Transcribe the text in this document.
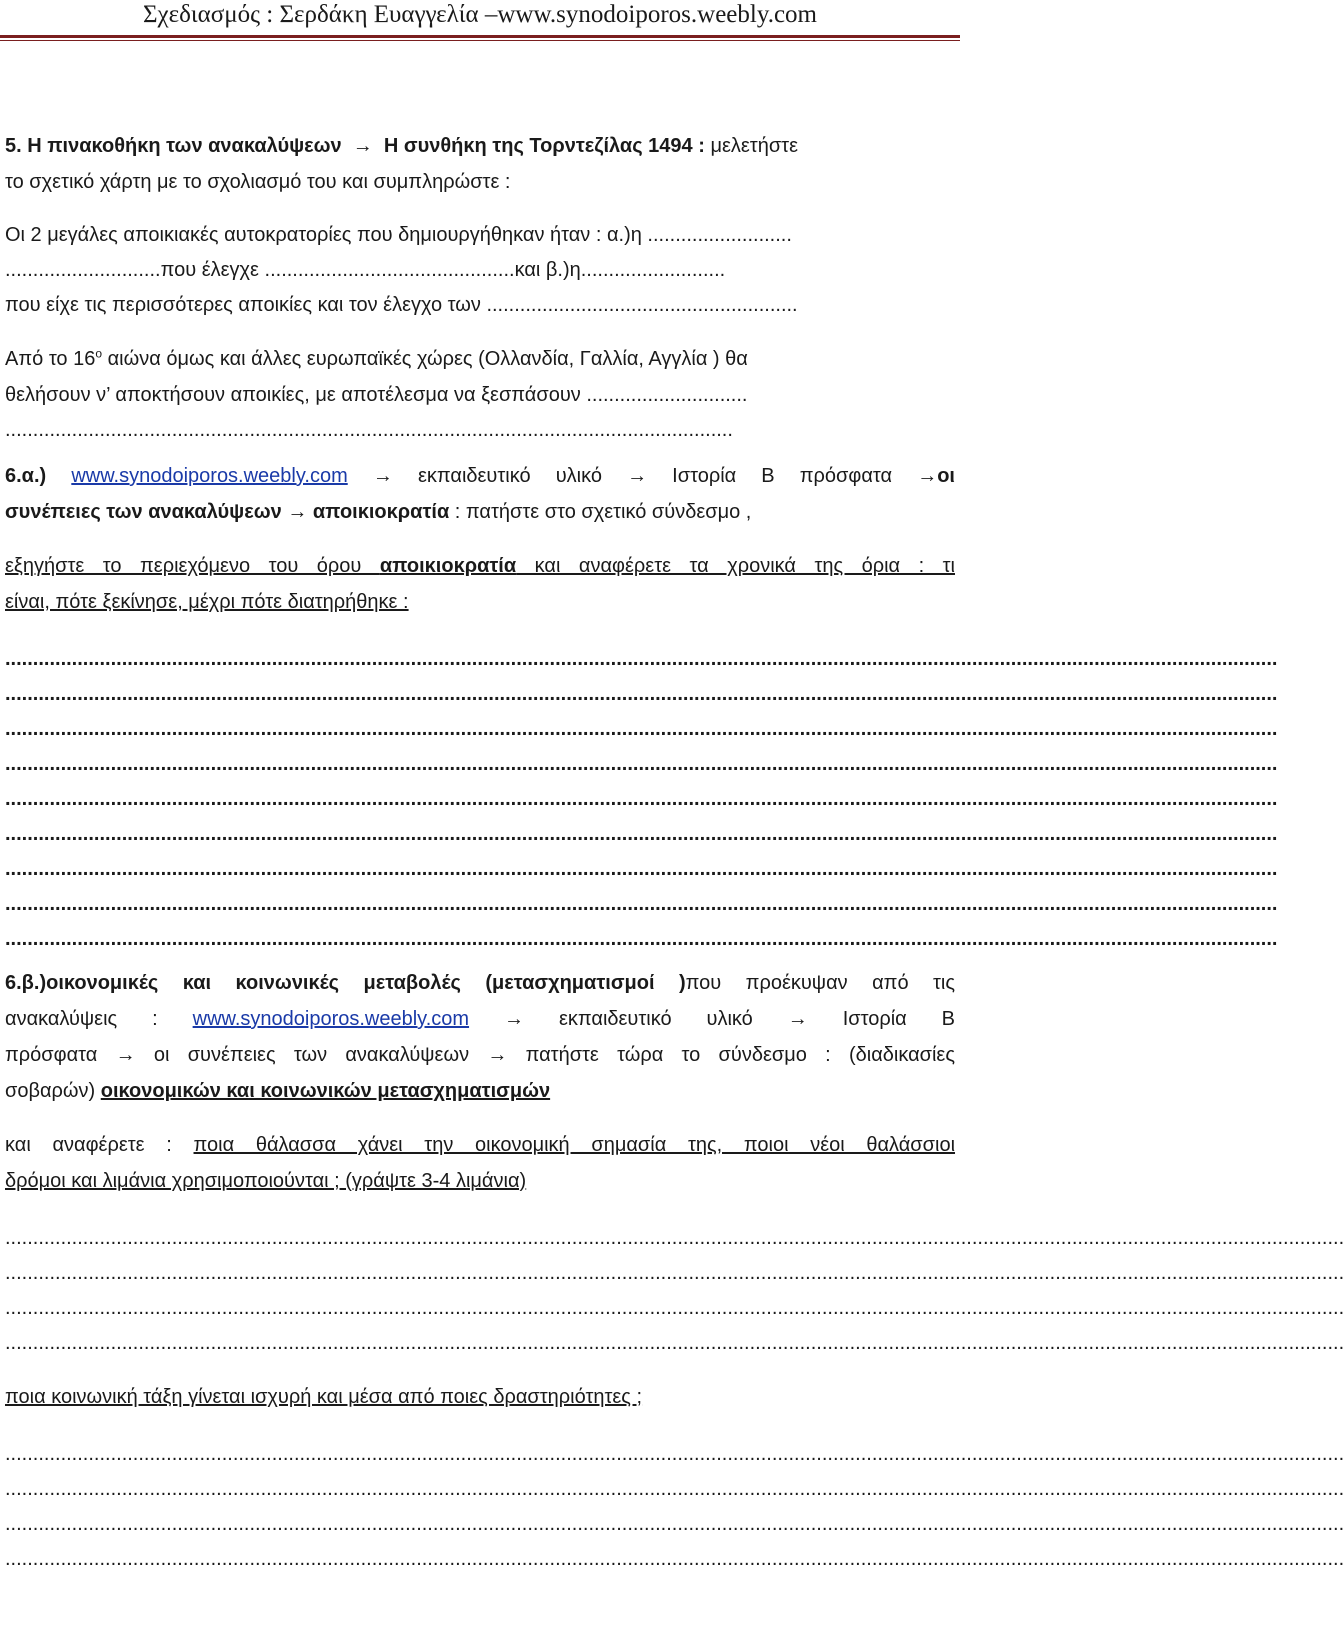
Σχεδιασμός : Σερδάκη Ευαγγελία –www.synodoiporos.weebly.com

5. Η πινακοθήκη των ανακαλύψεων → Η συνθήκη της Τορντεζίλας 1494 : μελετήστε

το σχετικό χάρτη με το σχολιασμό του και συμπληρώστε :

Οι 2 μεγάλες αποικιακές αυτοκρατορίες που δημιουργήθηκαν ήταν : α.)η ..........................

............................που έλεγχε .............................................και β.)η..........................

που είχε τις περισσότερες αποικίες και τον έλεγχο των ........................................................

Από το $16^o$ αιώνα όμως και άλλες ευρωπαϊκές χώρες (Ολλανδία, Γαλλία, Αγγλία ) θα

θελήσουν ν’ αποκτήσουν αποικίες, με αποτέλεσμα να ξεσπάσουν .............................

...................................................................................................................................

6.α.) www.synodoiporos.weebly.com → εκπαιδευτικό υλικό → Ιστορία Β πρόσφατα →οι

συνέπειες των ανακαλύψεων → αποικιοκρατία : πατήστε στο σχετικό σύνδεσμο ,

εξηγήστε το περιεχόμενο του όρου αποικιοκρατία και αναφέρετε τα χρονικά της όρια : τι

είναι, πότε ξεκίνησε, μέχρι πότε διατηρήθηκε :

.....................................................................................................................................................................................................................................

.....................................................................................................................................................................................................................................

.....................................................................................................................................................................................................................................

.....................................................................................................................................................................................................................................

.....................................................................................................................................................................................................................................

.....................................................................................................................................................................................................................................

.....................................................................................................................................................................................................................................

.....................................................................................................................................................................................................................................

.....................................................................................................................................................................................................................................

6.β.)οικονομικές και κοινωνικές μεταβολές (μετασχηματισμοί )που προέκυψαν από τις

ανακαλύψεις : www.synodoiporos.weebly.com → εκπαιδευτικό υλικό → Ιστορία Β

πρόσφατα → οι συνέπειες των ανακαλύψεων → πατήστε τώρα το σύνδεσμο : (διαδικασίες

σοβαρών) οικονομικών και κοινωνικών μετασχηματισμών

και αναφέρετε : ποια θάλασσα χάνει την οικονομική σημασία της, ποιοι νέοι θαλάσσιοι

δρόμοι και λιμάνια χρησιμοποιούνται ; (γράψτε 3-4 λιμάνια)

.................................................................................................................................................................................................................................................

.................................................................................................................................................................................................................................................

.................................................................................................................................................................................................................................................

.................................................................................................................................................................................................................................................

ποια κοινωνική τάξη γίνεται ισχυρή και μέσα από ποιες δραστηριότητες ;

.................................................................................................................................................................................................................................................

.................................................................................................................................................................................................................................................

.................................................................................................................................................................................................................................................

.................................................................................................................................................................................................................................................
